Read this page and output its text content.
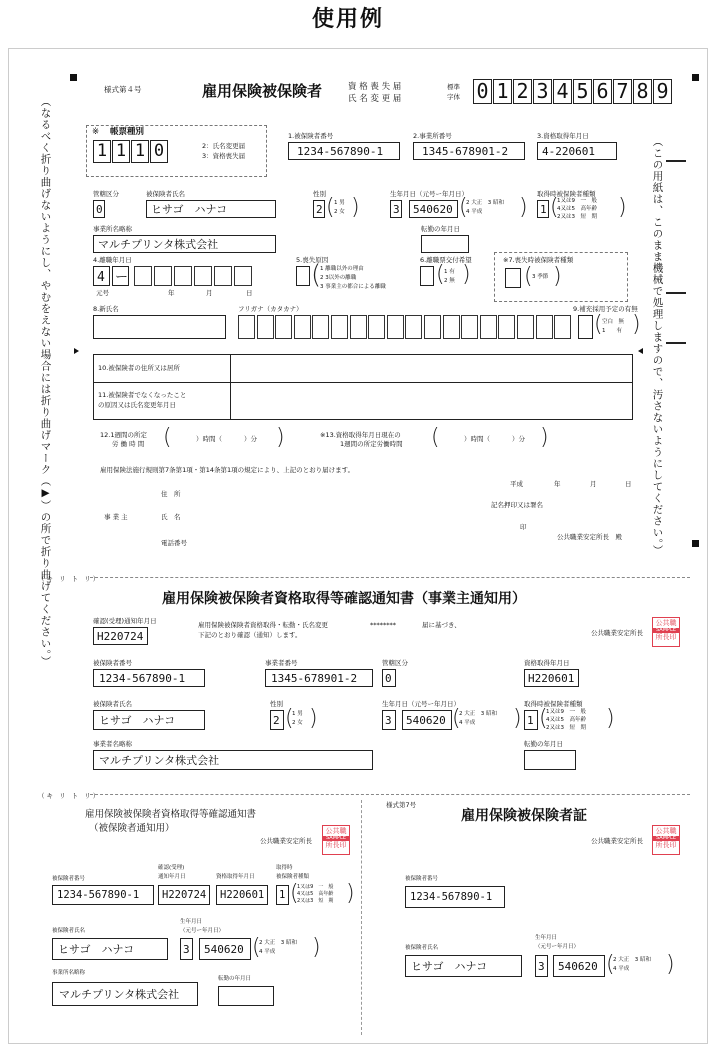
使用例
（なるべく折り曲げないようにし、やむをえない場合には折り曲げマーク（▶）の所で折り曲げてください。）	（この用紙は、このまま機械で処理しますので、汚さないようにしてください。）
様式第４号	雇用保険被保険者	資 格 喪 失 届
氏 名 変 更 届
標準
字体 0 1 2 3 4 5 6 7 8 9
※ 帳票種別
1 1 1 0	2：氏名変更届
3：資格喪失届
1.被保険者番号
1234-567890-1
2.事業所番号
1345-678901-2
3.資格取得年月日
4-220601
管轄区分
0
被保険者氏名
ヒサゴ　ハナコ
性別
2 ( 1 男
2 女 )
生年月日（元号ー年月日）
3 540620 (
2 大正　3 昭和
4 平成 )
取得時被保険者種類
1 (
1又は9　一　般
4又は5　高年齢
2又は3　短　期 )
事業所名略称
マルチプリンタ株式会社
転勤の年月日
4.離職年月日
4 ー
元号	年	月	日
5.喪失原因
(
1 離職以外の理由
2 3以外の離職
3 事業主の都合による離職
6.離職票交付希望
( 1 有
2 無 )
※7.喪失時被保険者種類
( 3 季節 )
8.新氏名	フリガナ（カタカナ）	9.補充採用予定の有無
( 空白　無
1　　有 )
10.被保険者の住所又は居所
11.被保険者でなくなったこと
の原因又は氏名変更年月日
12.1週間の所定
労 働 時 間 (	）時間（	）分 )	※13.資格取得年月日現在の
1週間の所定労働時間 (	）時間（	）分 )
雇用保険法施行規則第7条第1項・第14条第1項の規定により、上記のとおり届けます。
平成	年	月	日
住　所
記名押印又は署名
事 業 主	氏　名
印
公共職業安定所長　殿
電話番号
（キ リ ト リ）
雇用保険被保険者資格取得等確認通知書（事業主通知用）
確認(受理)通知年月日
H220724
雇用保険被保険者資格取得・転勤・氏名変更	********	届に基づき、
下記のとおり確認（通知）します。	公共職業安定所長
公共職
SAMPLE
所長印
被保険者番号
1234-567890-1
事業者番号
1345-678901-2
管轄区分
0
資格取得年月日
H220601
被保険者氏名
ヒサゴ　ハナコ
性別
2 (
1 男
2 女 )
生年月日（元号ー年月日）
3 540620 (
2 大正　3 昭和
4 平成 )
取得時被保険者種類
1 (
1又は9　一　般
4又は5　高年齢
2又は3　短　期 )
事業者名略称
マルチプリンタ株式会社
転勤の年月日
（キ リ ト リ）
雇用保険被保険者資格取得等確認通知書
（被保険者通知用）
公共職業安定所長
公共職
SAMPLE
所長印
被保険者番号
1234-567890-1
確認(受理)
通知年月日
H220724
資格取得年月日
H220601
取得時
被保険者種類
1 (
1又は9　一　般
4又は5　高年齢
2又は3　短　期 )
生年月日
（元号ー年月日）
被保険者氏名
ヒサゴ　ハナコ	3 540620 (
2 大正　3 昭和
4 平成 )
事業所名略称
マルチプリンタ株式会社
転勤の年月日
様式第7号
雇用保険被保険者証
公共職業安定所長
公共職
SAMPLE
所長印
被保険者番号
1234-567890-1
生年月日
（元号ー年月日）
被保険者氏名
ヒサゴ　ハナコ	3 540620 (
2 大正　3 昭和
4 平成 )
